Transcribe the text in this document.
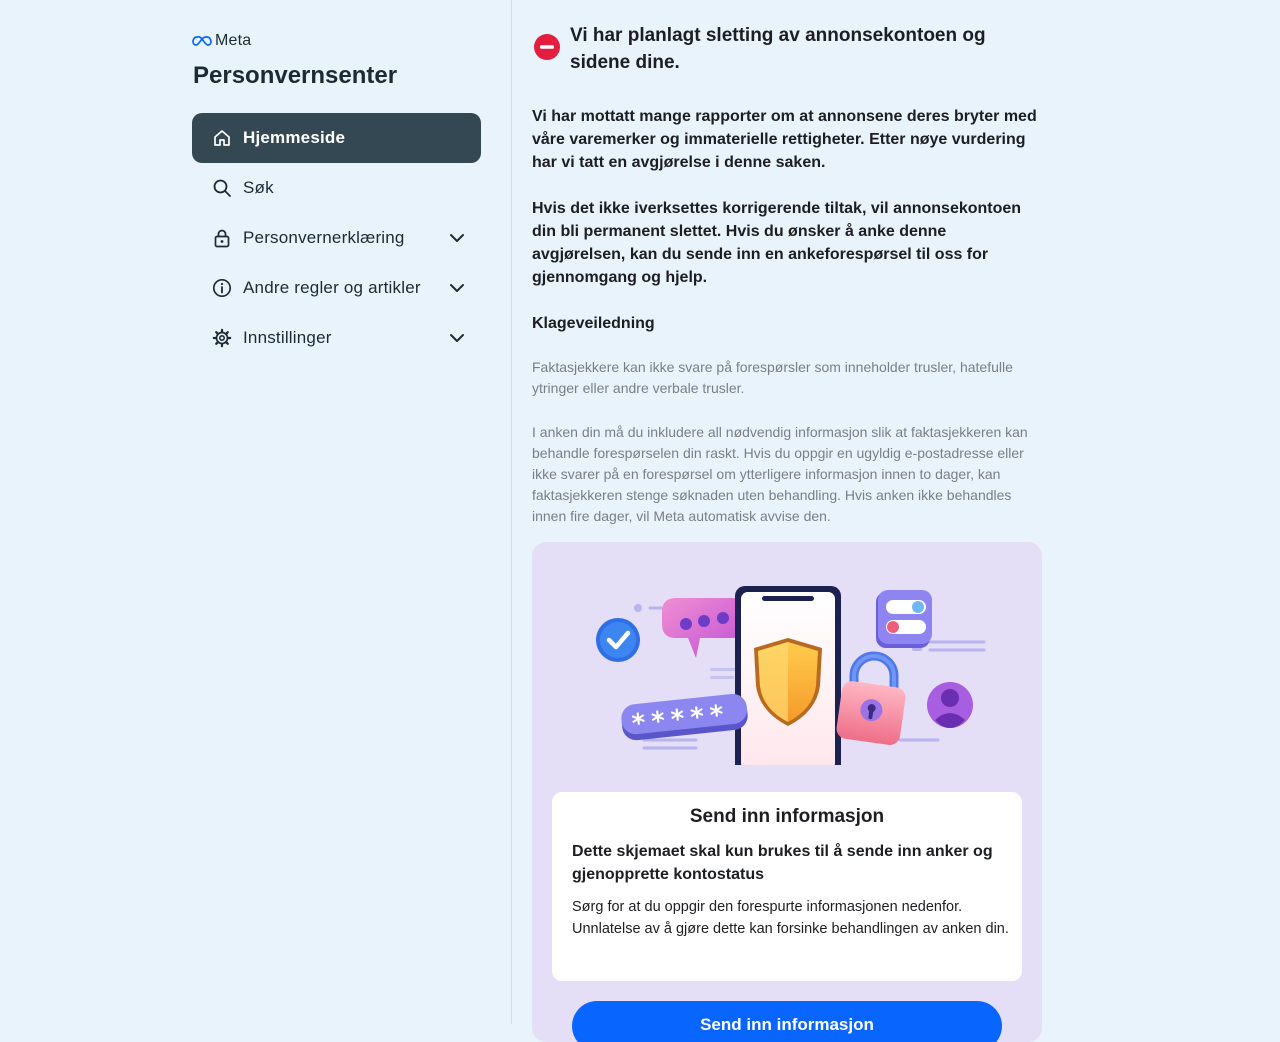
Meta
Personvernsenter
Hjemmeside
Søk
Personvernerklæring
Andre regler og artikler
Innstillinger
Vi har planlagt sletting av annonsekontoen og sidene dine.

Vi har mottatt mange rapporter om at annonsene deres bryter med våre varemerker og immaterielle rettigheter. Etter nøye vurdering har vi tatt en avgjørelse i denne saken.

Hvis det ikke iverksettes korrigerende tiltak, vil annonsekontoen din bli permanent slettet. Hvis du ønsker å anke denne avgjørelsen, kan du sende inn en ankeforespørsel til oss for gjennomgang og hjelp.

Klageveiledning

Faktasjekkere kan ikke svare på forespørsler som inneholder trusler, hatefulle ytringer eller andre verbale trusler.

I anken din må du inkludere all nødvendig informasjon slik at faktasjekkeren kan behandle forespørselen din raskt. Hvis du oppgir en ugyldig e-postadresse eller ikke svarer på en forespørsel om ytterligere informasjon innen to dager, kan faktasjekkeren stenge søknaden uten behandling. Hvis anken ikke behandles innen fire dager, vil Meta automatisk avvise den.

*****
Send inn informasjon

Dette skjemaet skal kun brukes til å sende inn anker og gjenopprette kontostatus

Sørg for at du oppgir den forespurte informasjonen nedenfor. Unnlatelse av å gjøre dette kan forsinke behandlingen av anken din.

Send inn informasjon
